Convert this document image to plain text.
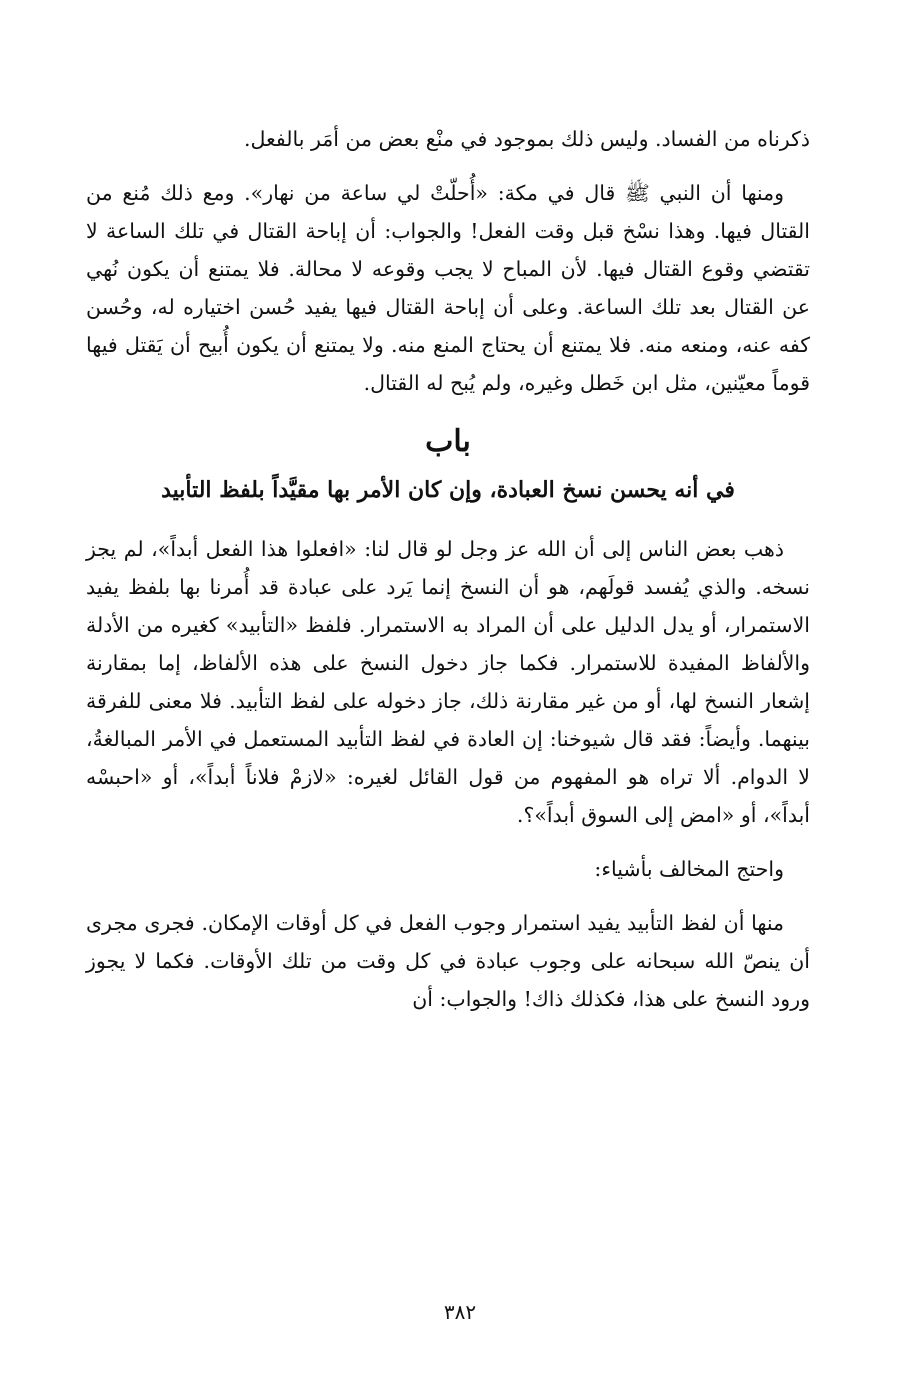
ذكرناه من الفساد. وليس ذلك بموجود في منْع بعض من أمَر بالفعل.

ومنها أن النبي ﷺ قال في مكة: «أُحلّتْ لي ساعة من نهار». ومع ذلك مُنع من القتال فيها. وهذا نسْخ قبل وقت الفعل! والجواب: أن إباحة القتال في تلك الساعة لا تقتضي وقوع القتال فيها. لأن المباح لا يجب وقوعه لا محالة. فلا يمتنع أن يكون نُهي عن القتال بعد تلك الساعة. وعلى أن إباحة القتال فيها يفيد حُسن اختياره له، وحُسن كفه عنه، ومنعه منه. فلا يمتنع أن يحتاج المنع منه. ولا يمتنع أن يكون أُبيح أن يَقتل فيها قوماً معيّنين، مثل ابن خَطل وغيره، ولم يُبح له القتال.

باب
في أنه يحسن نسخ العبادة، وإن كان الأمر بها مقيَّداً بلفظ التأبيد

ذهب بعض الناس إلى أن الله عز وجل لو قال لنا: «افعلوا هذا الفعل أبداً»، لم يجز نسخه. والذي يُفسد قولَهم، هو أن النسخ إنما يَرد على عبادة قد أُمرنا بها بلفظ يفيد الاستمرار، أو يدل الدليل على أن المراد به الاستمرار. فلفظ «التأبيد» كغيره من الأدلة والألفاظ المفيدة للاستمرار. فكما جاز دخول النسخ على هذه الألفاظ، إما بمقارنة إشعار النسخ لها، أو من غير مقارنة ذلك، جاز دخوله على لفظ التأبيد. فلا معنى للفرقة بينهما. وأيضاً: فقد قال شيوخنا: إن العادة في لفظ التأبيد المستعمل في الأمر المبالغةُ، لا الدوام. ألا تراه هو المفهوم من قول القائل لغيره: «لازمْ فلاناً أبداً»، أو «احبسْه أبداً»، أو «امض إلى السوق أبداً»؟.

واحتج المخالف بأشياء:

منها أن لفظ التأبيد يفيد استمرار وجوب الفعل في كل أوقات الإمكان. فجرى مجرى أن ينصّ الله سبحانه على وجوب عبادة في كل وقت من تلك الأوقات. فكما لا يجوز ورود النسخ على هذا، فكذلك ذاك! والجواب: أن

٣٨٢
